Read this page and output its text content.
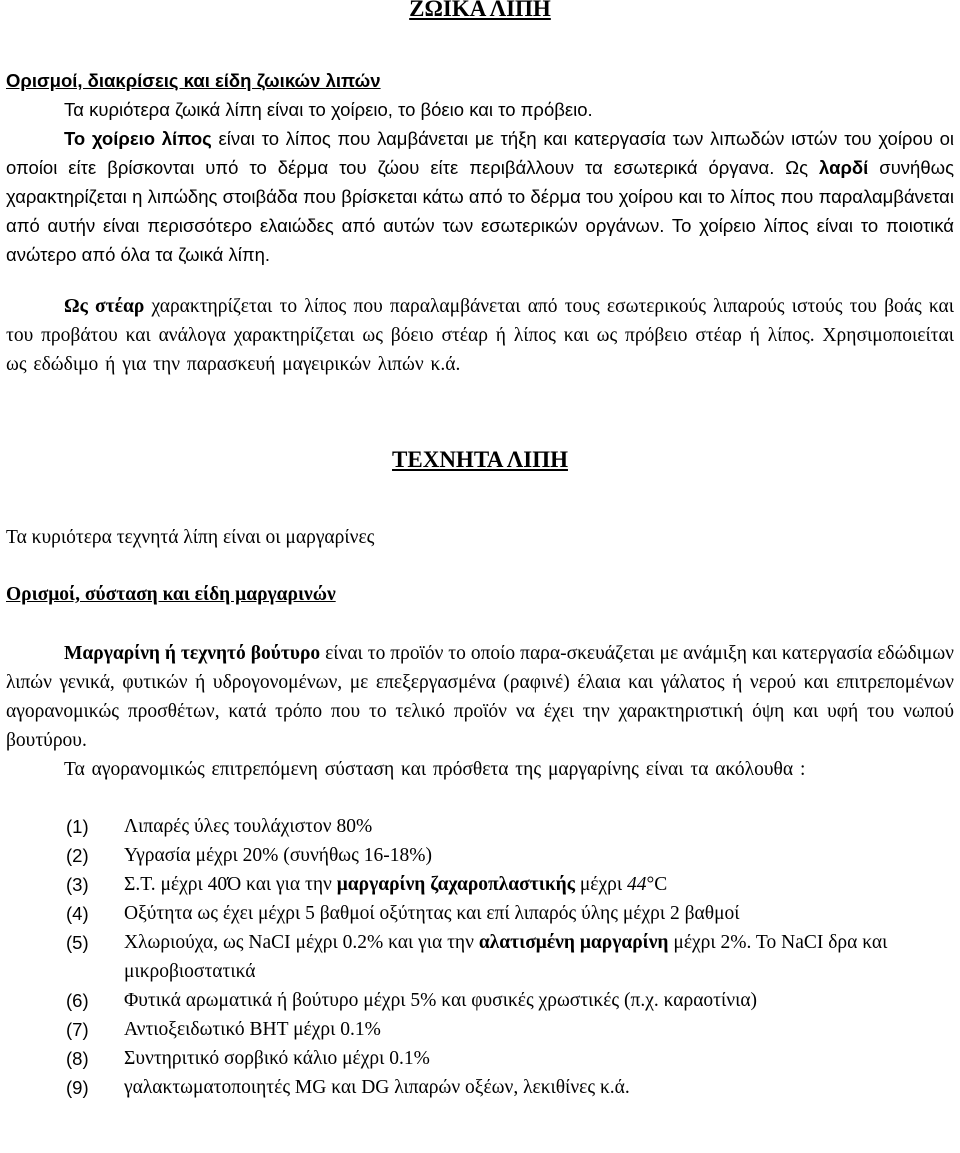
ΖΩΙΚΑ ΛΙΠΗ

Ορισμοί, διακρίσεις και είδη ζωικών λιπών

Τα κυριότερα ζωικά λίπη είναι το χοίρειο, το βόειο και το πρόβειο.

Το χοίρειο λίπος είναι το λίπος που λαμβάνεται με τήξη και κατεργασία των λιπωδών ιστών του χοίρου οι οποίοι είτε βρίσκονται υπό το δέρμα του ζώου είτε περιβάλλουν τα εσωτερικά όργανα. Ως λαρδί συνήθως χαρακτηρίζεται η λιπώδης στοιβάδα που βρίσκεται κάτω από το δέρμα του χοίρου και το λίπος που παραλαμβάνεται από αυτήν είναι περισσότερο ελαιώδες από αυτών των εσωτερικών οργάνων. Το χοίρειο λίπος είναι το ποιοτικά ανώτερο από όλα τα ζωικά λίπη.

Ως στέαρ χαρακτηρίζεται το λίπος που παραλαμβάνεται από τους εσωτερικούς λιπαρούς ιστούς του βοάς και του προβάτου και ανάλογα χαρακτηρίζεται ως βόειο στέαρ ή λίπος και ως πρόβειο στέαρ ή λίπος. Χρησιμοποιείται ως εδώδιμο ή για την παρασκευή μαγειρικών λιπών κ.ά.

ΤΕΧΝΗΤΑ ΛΙΠΗ
Τα κυριότερα τεχνητά λίπη είναι οι μαργαρίνες
Ορισμοί, σύσταση και είδη μαργαρινών

Μαργαρίνη ή τεχνητό βούτυρο είναι το προϊόν το οποίο παρα-σκευάζεται με ανάμιξη και κατεργασία εδώδιμων λιπών γενικά, φυτικών ή υδρογονομένων, με επεξεργασμένα (ραφινέ) έλαια και γάλατος ή νερού και επιτρεπομένων αγορανομικώς προσθέτων, κατά τρόπο που το τελικό προϊόν να έχει την χαρακτηριστική όψη και υφή του νωπού βουτύρου.

Τα αγορανομικώς επιτρεπόμενη σύσταση και πρόσθετα της μαργαρίνης είναι τα ακόλουθα :

(1)	Λιπαρές ύλες τουλάχιστον 80%
(2)	Υγρασία μέχρι 20% (συνήθως 16-18%)
(3)	Σ.Τ. μέχρι 40Ό και για την μαργαρίνη ζαχαροπλαστικής μέχρι 44°C
(4)	Οξύτητα ως έχει μέχρι 5 βαθμοί οξύτητας και επί λιπαρός ύλης μέχρι 2 βαθμοί
(5)	Χλωριούχα, ως NaCI μέχρι 0.2% και για την αλατισμένη μαργαρίνη μέχρι 2%. Το NaCI δρα και μικροβιοστατικά
(6)	Φυτικά αρωματικά ή βούτυρο μέχρι 5% και φυσικές χρωστικές (π.χ. καραοτίνια)
(7)	Αντιοξειδωτικό ΒΗΤ μέχρι 0.1%
(8)	Συντηριτικό σορβικό κάλιο μέχρι 0.1%
(9)	γαλακτωματοποιητές MG και DG λιπαρών οξέων, λεκιθίνες κ.ά.
